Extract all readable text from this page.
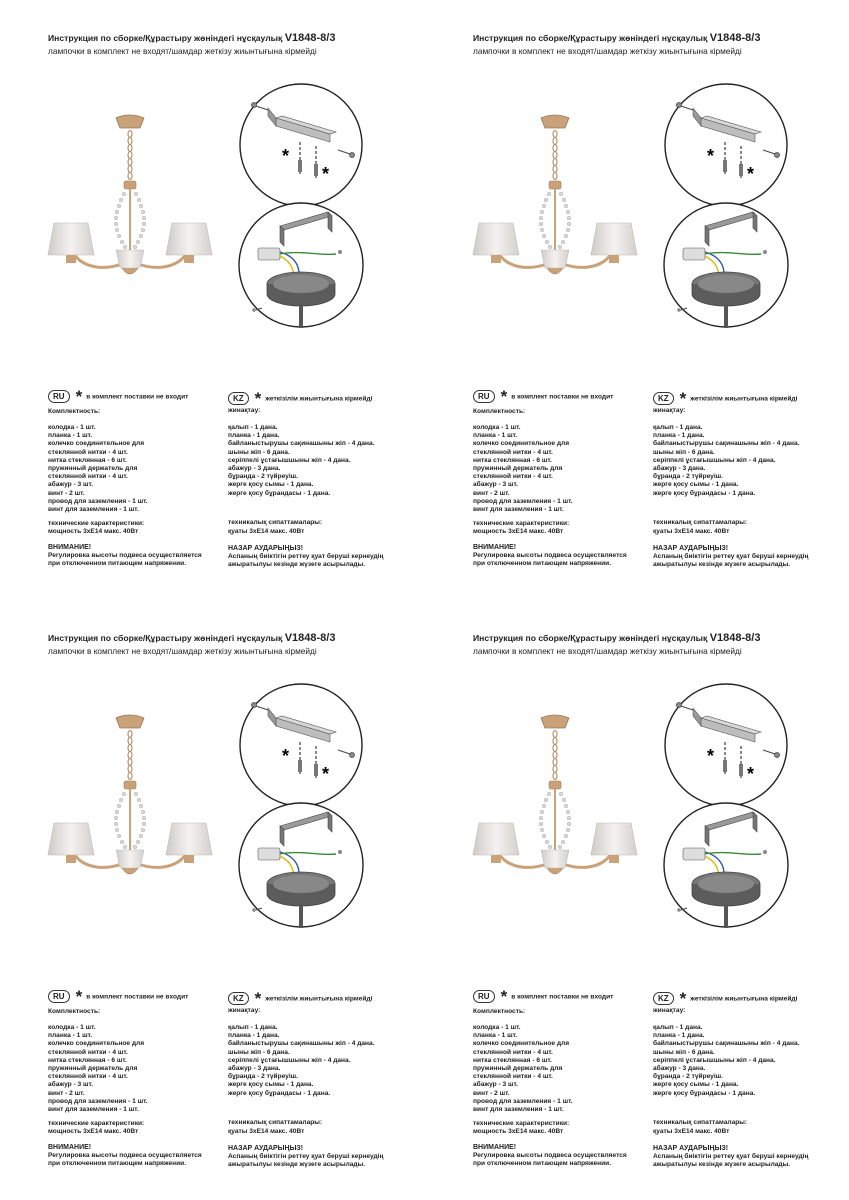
Инструкция по сборке/Құрастыру жөніндегі нұсқаулық V1848-8/3
лампочки в комплект не входят/шамдар жеткізу жиынтығына кірмейді
*
*
RU * в комплект поставки не входит
Комплектность:
колодка - 1 шт.
планка - 1 шт.
колечко соединительное для
стеклянной нитки - 4 шт.
нитка стеклянная - 6 шт.
пружинный держатель для
стеклянной нитки - 4 шт.
абажур - 3 шт.
винт - 2 шт.
провод для заземления - 1 шт.
винт для заземления - 1 шт.
технические характеристики:
мощность 3хЕ14 макс. 40Вт
ВНИМАНИЕ!
Регулировка высоты подвеса осуществляется
при отключенном питающем напряжении.
KZ * жеткізілім жиынтығына кірмейді
жинақтау:
қалып - 1 дана.
планка - 1 дана.
байланыстырушы сақинашыны жіп - 4 дана.
шыны жіп - 6 дана.
серіппелі ұстағышшыны жіп - 4 дана.
абажур - 3 дана.
бұранда - 2 түйреуіш.
жерге қосу сымы - 1 дана.
жерге қосу бұрандасы - 1 дана.
техникалық сипаттамалары:
қуаты 3хЕ14 макс. 40Вт
НАЗАР АУДАРЫҢЫЗ!
Аспаның биіктігін реттеу қуат беруші кернеудің
ажыратылуы кезінде жүзеге асырылады.
Инструкция по сборке/Құрастыру жөніндегі нұсқаулық V1848-8/3
лампочки в комплект не входят/шамдар жеткізу жиынтығына кірмейді
*
*
RU * в комплект поставки не входит
Комплектность:
колодка - 1 шт.
планка - 1 шт.
колечко соединительное для
стеклянной нитки - 4 шт.
нитка стеклянная - 6 шт.
пружинный держатель для
стеклянной нитки - 4 шт.
абажур - 3 шт.
винт - 2 шт.
провод для заземления - 1 шт.
винт для заземления - 1 шт.
технические характеристики:
мощность 3хЕ14 макс. 40Вт
ВНИМАНИЕ!
Регулировка высоты подвеса осуществляется
при отключенном питающем напряжении.
KZ * жеткізілім жиынтығына кірмейді
жинақтау:
қалып - 1 дана.
планка - 1 дана.
байланыстырушы сақинашыны жіп - 4 дана.
шыны жіп - 6 дана.
серіппелі ұстағышшыны жіп - 4 дана.
абажур - 3 дана.
бұранда - 2 түйреуіш.
жерге қосу сымы - 1 дана.
жерге қосу бұрандасы - 1 дана.
техникалық сипаттамалары:
қуаты 3хЕ14 макс. 40Вт
НАЗАР АУДАРЫҢЫЗ!
Аспаның биіктігін реттеу қуат беруші кернеудің
ажыратылуы кезінде жүзеге асырылады.
Инструкция по сборке/Құрастыру жөніндегі нұсқаулық V1848-8/3
лампочки в комплект не входят/шамдар жеткізу жиынтығына кірмейді
*
*
RU * в комплект поставки не входит
Комплектность:
колодка - 1 шт.
планка - 1 шт.
колечко соединительное для
стеклянной нитки - 4 шт.
нитка стеклянная - 6 шт.
пружинный держатель для
стеклянной нитки - 4 шт.
абажур - 3 шт.
винт - 2 шт.
провод для заземления - 1 шт.
винт для заземления - 1 шт.
технические характеристики:
мощность 3хЕ14 макс. 40Вт
ВНИМАНИЕ!
Регулировка высоты подвеса осуществляется
при отключенном питающем напряжении.
KZ * жеткізілім жиынтығына кірмейді
жинақтау:
қалып - 1 дана.
планка - 1 дана.
байланыстырушы сақинашыны жіп - 4 дана.
шыны жіп - 6 дана.
серіппелі ұстағышшыны жіп - 4 дана.
абажур - 3 дана.
бұранда - 2 түйреуіш.
жерге қосу сымы - 1 дана.
жерге қосу бұрандасы - 1 дана.
техникалық сипаттамалары:
қуаты 3хЕ14 макс. 40Вт
НАЗАР АУДАРЫҢЫЗ!
Аспаның биіктігін реттеу қуат беруші кернеудің
ажыратылуы кезінде жүзеге асырылады.
Инструкция по сборке/Құрастыру жөніндегі нұсқаулық V1848-8/3
лампочки в комплект не входят/шамдар жеткізу жиынтығына кірмейді
*
*
RU * в комплект поставки не входит
Комплектность:
колодка - 1 шт.
планка - 1 шт.
колечко соединительное для
стеклянной нитки - 4 шт.
нитка стеклянная - 6 шт.
пружинный держатель для
стеклянной нитки - 4 шт.
абажур - 3 шт.
винт - 2 шт.
провод для заземления - 1 шт.
винт для заземления - 1 шт.
технические характеристики:
мощность 3хЕ14 макс. 40Вт
ВНИМАНИЕ!
Регулировка высоты подвеса осуществляется
при отключенном питающем напряжении.
KZ * жеткізілім жиынтығына кірмейді
жинақтау:
қалып - 1 дана.
планка - 1 дана.
байланыстырушы сақинашыны жіп - 4 дана.
шыны жіп - 6 дана.
серіппелі ұстағышшыны жіп - 4 дана.
абажур - 3 дана.
бұранда - 2 түйреуіш.
жерге қосу сымы - 1 дана.
жерге қосу бұрандасы - 1 дана.
техникалық сипаттамалары:
қуаты 3хЕ14 макс. 40Вт
НАЗАР АУДАРЫҢЫЗ!
Аспаның биіктігін реттеу қуат беруші кернеудің
ажыратылуы кезінде жүзеге асырылады.
